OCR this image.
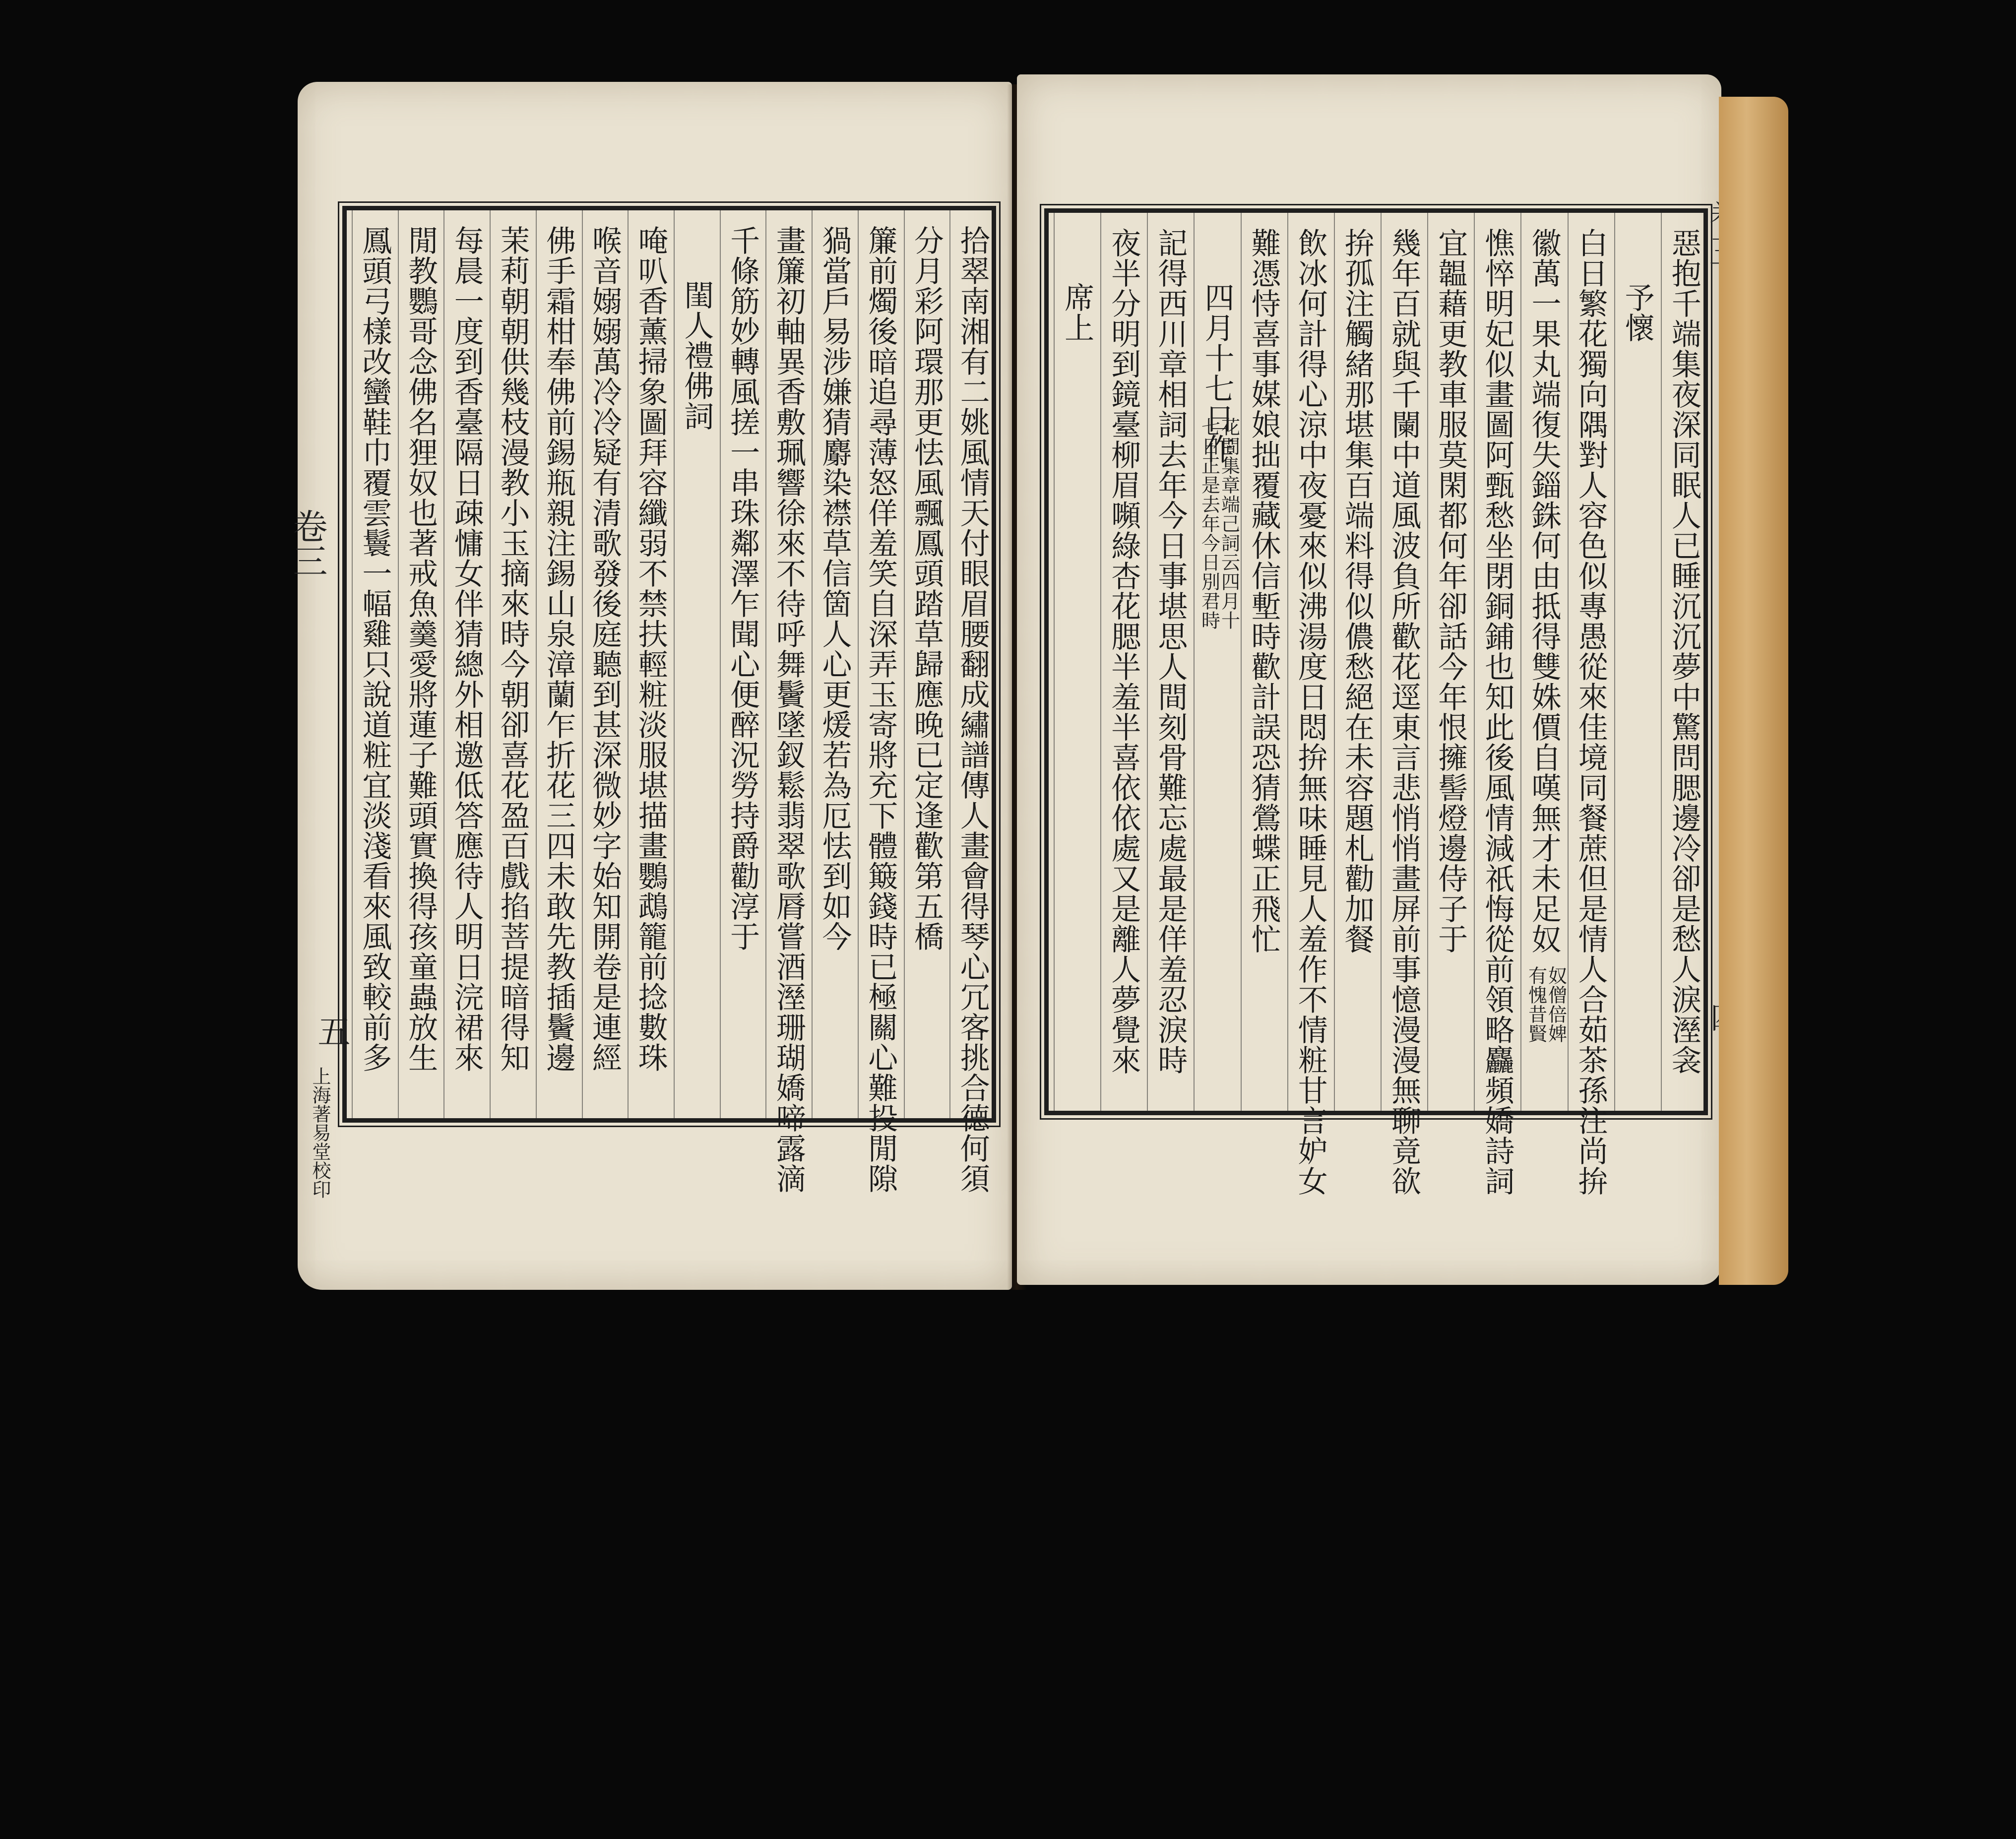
拾翠南湘有二姚風情天付眼眉腰翻成繡譜傳人畫會得琴心冗客挑合德何須
分月彩阿環那更怯風飄鳳頭踏草歸應晚已定逢歡第五橋
簾前燭後暗追尋薄怒佯羞笑自深弄玉寄將充下體簸錢時已極關心難投閒隙
猧當戶易涉嫌猜麝染襟草信箇人心更煖若為厄怯到如今
畫簾初軸異香敷珮響徐來不待呼舞鬢墜釵鬆翡翠歌脣嘗酒溼珊瑚嬌啼露滴
千條筋妙轉風搓一串珠鄰澤乍聞心便醉況勞持爵勸淳于
閨人禮佛詞
唵叭香薰掃象圖拜容纖弱不禁扶輕粧淡服堪描畫鸚鵡籠前捻數珠
喉音嫋嫋萬冷冷疑有清歌發後庭聽到甚深微妙字始知開卷是連經
佛手霜柑奉佛前錫瓶親注錫山泉漳蘭乍折花三四未敢先教插鬢邊
茉莉朝朝供幾枝漫教小玉摘來時今朝卻喜花盈百戲掐菩提暗得知
每晨一度到香臺隔日疎慵女伴猜總外相邀低答應待人明日浣裙來
閒教鸚哥念佛名狸奴也著戒魚羹愛將蓮子難頭實換得孩童蟲放生
鳳頭弓樣改蠻鞋巾覆雲鬟一幅雞只說道粧宜淡淺看來風致較前多
卷三
五
上海著易堂校印
惡抱千端集夜深同眠人已睡沉沉夢中驚問腮邊冷卻是愁人淚溼衾
予懷
白日繁花獨向隅對人容色似專愚從來佳境同餐蔗但是情人合茹茶孫注尚拚
徽萬一果丸端復失錙銖何由抵得雙姝價自嘆無才未足奴
奴僧倍婢
有愧昔賢
憔悴明妃似畫圖阿甄愁坐閉銅鋪也知此後風情減祇悔從前領略麤頻嬌詩詞
宜韞藉更教車服莫閑都何年卻話今年恨擁髻燈邊侍子于
幾年百就與千闌中道風波負所歡花逕東言悲悄悄畫屏前事憶漫漫無聊竟欲
拚孤注觸緒那堪集百端料得似儂愁絕在未容題札勸加餐
飲冰何計得心涼中夜憂來似沸湯度日悶拚無味睡見人羞作不情粧甘言妒女
難憑恃喜事媒娘拙覆藏休信塹時歡計誤恐猜鶯蝶正飛忙
四月十七日作
花間集章端己詞云四月十
七日正是去年今日別君時
記得西川章相詞去年今日事堪思人間刻骨難忘處最是佯羞忍淚時
夜半分明到鏡臺柳眉嚬綠杏花腮半羞半喜依依處又是離人夢覺來
席上
